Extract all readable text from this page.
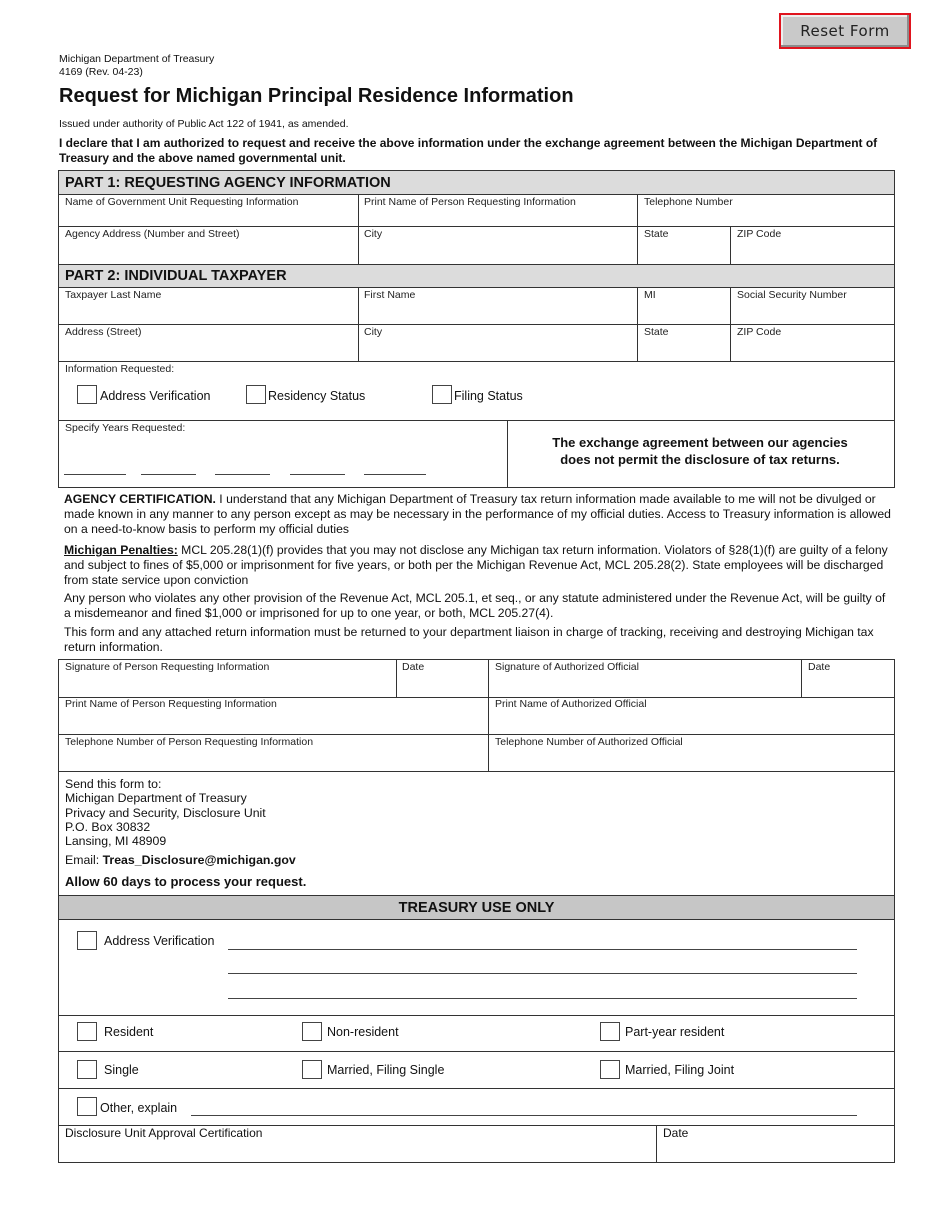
Reset Form
Michigan Department of Treasury
4169 (Rev. 04-23)
Request for Michigan Principal Residence Information
Issued under authority of Public Act 122 of 1941, as amended.
I declare that I am authorized to request and receive the above information under the exchange agreement between the Michigan Department of Treasury and the above named governmental unit.
PART 1: REQUESTING AGENCY INFORMATION
Name of Government Unit Requesting Information	Print Name of Person Requesting Information	Telephone Number
Agency Address (Number and Street)	City	State	ZIP Code
PART 2: INDIVIDUAL TAXPAYER
Taxpayer Last Name	First Name	MI	Social Security Number
Address (Street)	City	State	ZIP Code
Information Requested:
Address Verification	Residency Status	Filing Status
Specify Years Requested:
The exchange agreement between our agencies does not permit the disclosure of tax returns.
AGENCY CERTIFICATION. I understand that any Michigan Department of Treasury tax return information made available to me will not be divulged or made known in any manner to any person except as may be necessary in the performance of my official duties. Access to Treasury information is allowed on a need-to-know basis to perform my official duties
Michigan Penalties: MCL 205.28(1)(f) provides that you may not disclose any Michigan tax return information. Violators of §28(1)(f) are guilty of a felony and subject to fines of $5,000 or imprisonment for five years, or both per the Michigan Revenue Act, MCL 205.28(2). State employees will be discharged from state service upon conviction
Any person who violates any other provision of the Revenue Act, MCL 205.1, et seq., or any statute administered under the Revenue Act, will be guilty of a misdemeanor and fined $1,000 or imprisoned for up to one year, or both, MCL 205.27(4).
This form and any attached return information must be returned to your department liaison in charge of tracking, receiving and destroying Michigan tax return information.
Signature of Person Requesting Information	Date	Signature of Authorized Official	Date
Print Name of Person Requesting Information	Print Name of Authorized Official
Telephone Number of Person Requesting Information	Telephone Number of Authorized Official
Send this form to:
Michigan Department of Treasury
Privacy and Security, Disclosure Unit
P.O. Box 30832
Lansing, MI 48909
Email: Treas_Disclosure@michigan.gov
Allow 60 days to process your request.
TREASURY USE ONLY
Address Verification
Resident	Non-resident	Part-year resident
Single	Married, Filing Single	Married, Filing Joint
Other, explain
Disclosure Unit Approval Certification	Date
